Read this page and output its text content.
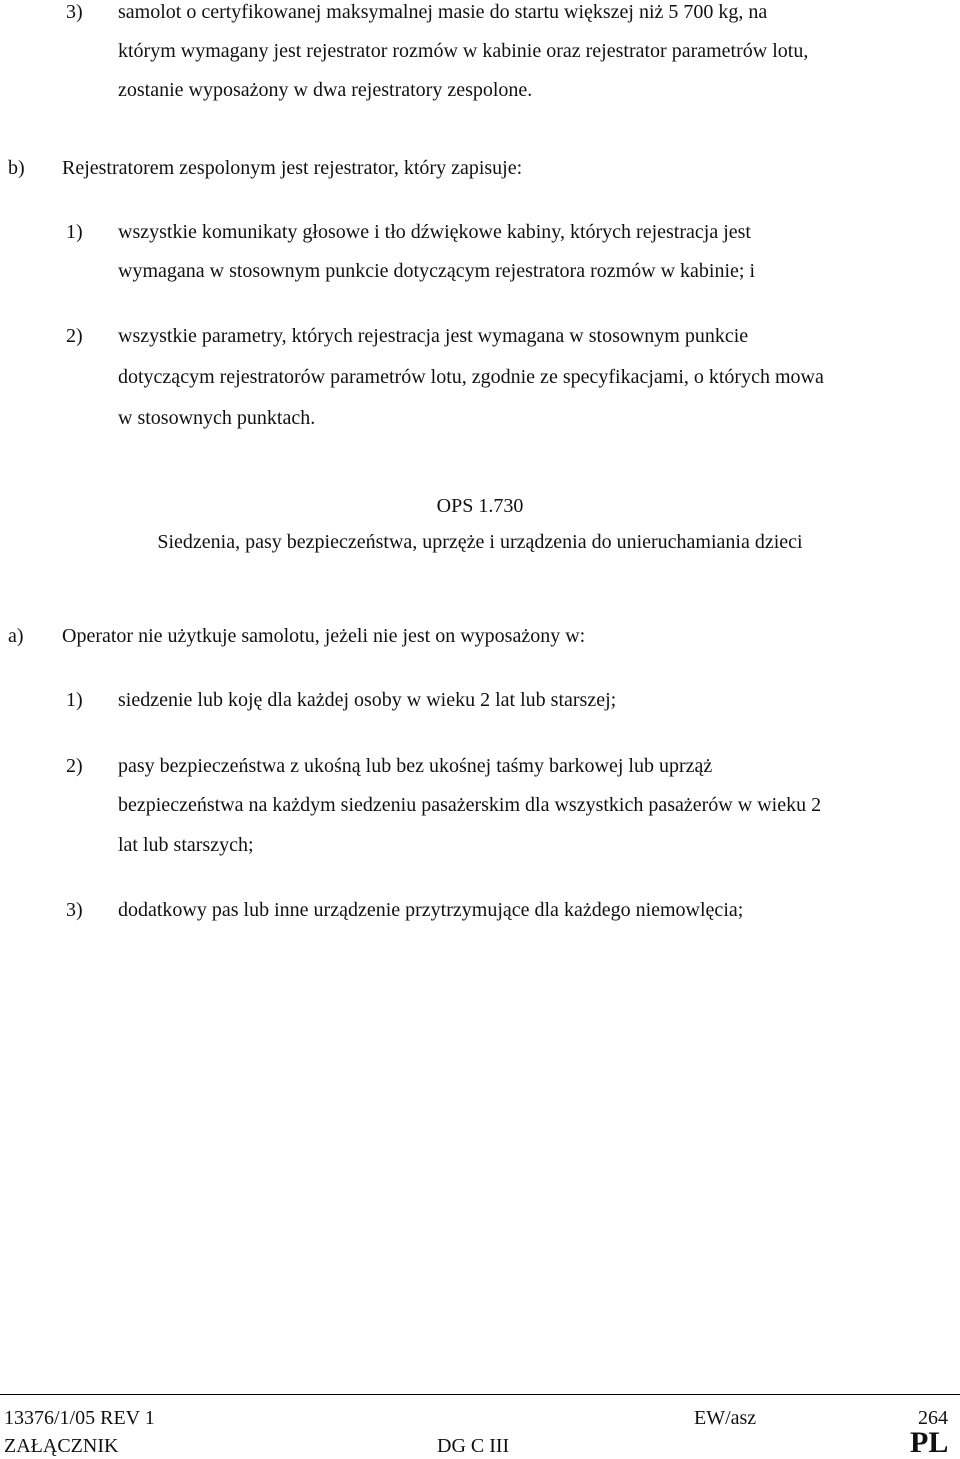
3) samolot o certyfikowanej maksymalnej masie do startu większej niż 5 700 kg, na
którym wymagany jest rejestrator rozmów w kabinie oraz rejestrator parametrów lotu,
zostanie wyposażony w dwa rejestratory zespolone.
b) Rejestratorem zespolonym jest rejestrator, który zapisuje:
1) wszystkie komunikaty głosowe i tło dźwiękowe kabiny, których rejestracja jest
wymagana w stosownym punkcie dotyczącym rejestratora rozmów w kabinie; i
2) wszystkie parametry, których rejestracja jest wymagana w stosownym punkcie
dotyczącym rejestratorów parametrów lotu, zgodnie ze specyfikacjami, o których mowa
w stosownych punktach.
OPS 1.730
Siedzenia, pasy bezpieczeństwa, uprzęże i urządzenia do unieruchamiania dzieci
a) Operator nie użytkuje samolotu, jeżeli nie jest on wyposażony w:
1) siedzenie lub koję dla każdej osoby w wieku 2 lat lub starszej;
2) pasy bezpieczeństwa z ukośną lub bez ukośnej taśmy barkowej lub uprząż
bezpieczeństwa na każdym siedzeniu pasażerskim dla wszystkich pasażerów w wieku 2
lat lub starszych;
3) dodatkowy pas lub inne urządzenie przytrzymujące dla każdego niemowlęcia;
13376/1/05 REV 1	EW/asz	264
ZAŁĄCZNIK	DG C III	PL
